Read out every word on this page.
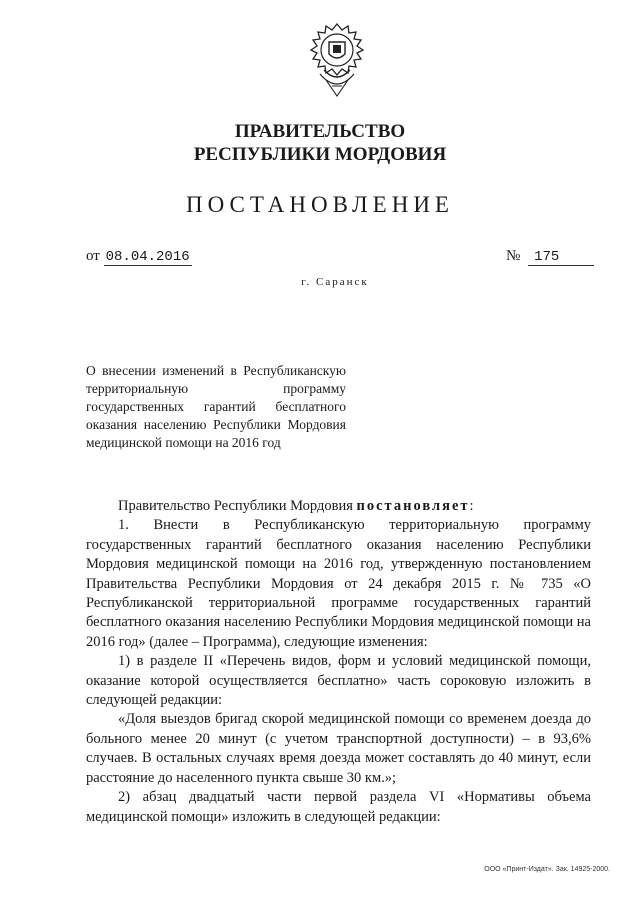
ПРАВИТЕЛЬСТВО
РЕСПУБЛИКИ МОРДОВИЯ
ПОСТАНОВЛЕНИЕ
от 08.04.2016	№ 175
г. Саранск
О внесении изменений в Республиканскую территориальную программу государственных гарантий бесплатного оказания населению Республики Мордовия медицинской помощи на 2016 год

Правительство Республики Мордовия постановляет:

1. Внести в Республиканскую территориальную программу государственных гарантий бесплатного оказания населению Республики Мордовия медицинской помощи на 2016 год, утвержденную постановлением Правительства Республики Мордовия от 24 декабря 2015 г. № 735 «О Республиканской территориальной программе государственных гарантий бесплатного оказания населению Республики Мордовия медицинской помощи на 2016 год» (далее – Программа), следующие изменения:

1) в разделе II «Перечень видов, форм и условий медицинской помощи, оказание которой осуществляется бесплатно» часть сороковую изложить в следующей редакции:

«Доля выездов бригад скорой медицинской помощи со временем доезда до больного менее 20 минут (с учетом транспортной доступности) – в 93,6% случаев. В остальных случаях время доезда может составлять до 40 минут, если расстояние до населенного пункта свыше 30 км.»;

2) абзац двадцатый части первой раздела VI «Нормативы объема медицинской помощи» изложить в следующей редакции:

ООО «Принт-Издат». Зак. 14925-2000.
